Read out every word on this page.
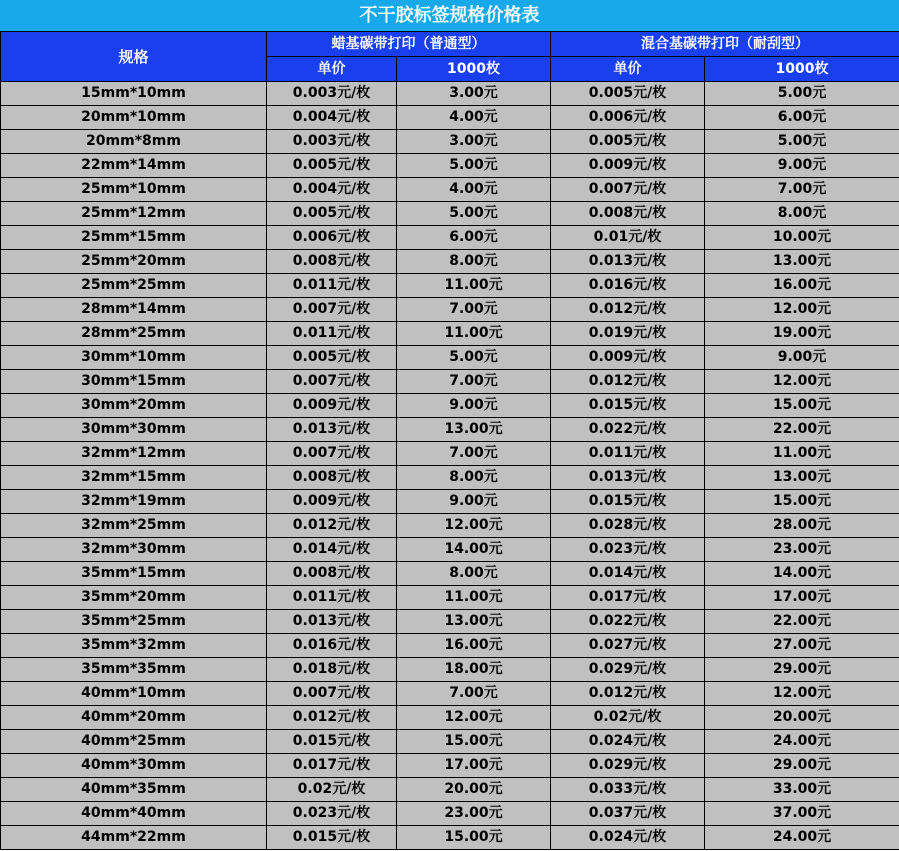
不干胶标签规格价格表
规格	蜡基碳带打印（普通型）		混合基碳带打印（耐刮型）	
	单价	1000枚	单价	1000枚
15mm*10mm	0.003元/枚	3.00元	0.005元/枚	5.00元
20mm*10mm	0.004元/枚	4.00元	0.006元/枚	6.00元
20mm*8mm	0.003元/枚	3.00元	0.005元/枚	5.00元
22mm*14mm	0.005元/枚	5.00元	0.009元/枚	9.00元
25mm*10mm	0.004元/枚	4.00元	0.007元/枚	7.00元
25mm*12mm	0.005元/枚	5.00元	0.008元/枚	8.00元
25mm*15mm	0.006元/枚	6.00元	0.01元/枚	10.00元
25mm*20mm	0.008元/枚	8.00元	0.013元/枚	13.00元
25mm*25mm	0.011元/枚	11.00元	0.016元/枚	16.00元
28mm*14mm	0.007元/枚	7.00元	0.012元/枚	12.00元
28mm*25mm	0.011元/枚	11.00元	0.019元/枚	19.00元
30mm*10mm	0.005元/枚	5.00元	0.009元/枚	9.00元
30mm*15mm	0.007元/枚	7.00元	0.012元/枚	12.00元
30mm*20mm	0.009元/枚	9.00元	0.015元/枚	15.00元
30mm*30mm	0.013元/枚	13.00元	0.022元/枚	22.00元
32mm*12mm	0.007元/枚	7.00元	0.011元/枚	11.00元
32mm*15mm	0.008元/枚	8.00元	0.013元/枚	13.00元
32mm*19mm	0.009元/枚	9.00元	0.015元/枚	15.00元
32mm*25mm	0.012元/枚	12.00元	0.028元/枚	28.00元
32mm*30mm	0.014元/枚	14.00元	0.023元/枚	23.00元
35mm*15mm	0.008元/枚	8.00元	0.014元/枚	14.00元
35mm*20mm	0.011元/枚	11.00元	0.017元/枚	17.00元
35mm*25mm	0.013元/枚	13.00元	0.022元/枚	22.00元
35mm*32mm	0.016元/枚	16.00元	0.027元/枚	27.00元
35mm*35mm	0.018元/枚	18.00元	0.029元/枚	29.00元
40mm*10mm	0.007元/枚	7.00元	0.012元/枚	12.00元
40mm*20mm	0.012元/枚	12.00元	0.02元/枚	20.00元
40mm*25mm	0.015元/枚	15.00元	0.024元/枚	24.00元
40mm*30mm	0.017元/枚	17.00元	0.029元/枚	29.00元
40mm*35mm	0.02元/枚	20.00元	0.033元/枚	33.00元
40mm*40mm	0.023元/枚	23.00元	0.037元/枚	37.00元
44mm*22mm	0.015元/枚	15.00元	0.024元/枚	24.00元
